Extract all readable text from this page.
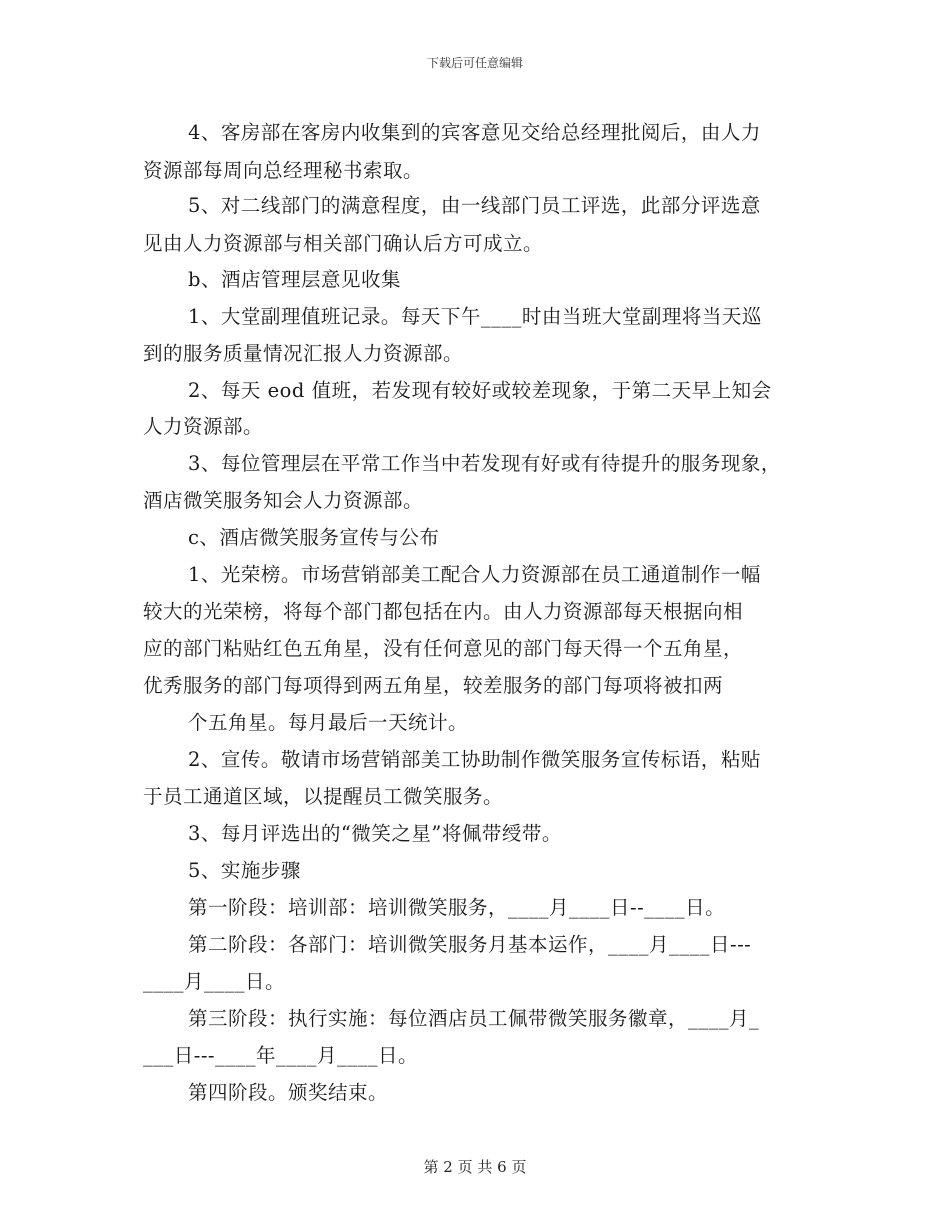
下载后可任意编辑
4、客房部在客房内收集到的宾客意见交给总经理批阅后，由人力
资源部每周向总经理秘书索取。
5、对二线部门的满意程度，由一线部门员工评选，此部分评选意
见由人力资源部与相关部门确认后方可成立。
b、酒店管理层意见收集
1、大堂副理值班记录。每天下午____时由当班大堂副理将当天巡
到的服务质量情况汇报人力资源部。
2、每天 eod 值班，若发现有较好或较差现象，于第二天早上知会
人力资源部。
3、每位管理层在平常工作当中若发现有好或有待提升的服务现象，
酒店微笑服务知会人力资源部。
c、酒店微笑服务宣传与公布
1、光荣榜。市场营销部美工配合人力资源部在员工通道制作一幅
较大的光荣榜，将每个部门都包括在内。由人力资源部每天根据向相
应的部门粘贴红色五角星，没有任何意见的部门每天得一个五角星，
优秀服务的部门每项得到两五角星，较差服务的部门每项将被扣两
个五角星。每月最后一天统计。
2、宣传。敬请市场营销部美工协助制作微笑服务宣传标语，粘贴
于员工通道区域，以提醒员工微笑服务。
3、每月评选出的“微笑之星”将佩带绶带。
5、实施步骤
第一阶段：培训部：培训微笑服务，____月____日--____日。
第二阶段：各部门：培训微笑服务月基本运作，____月____日---
____月____日。
第三阶段：执行实施：每位酒店员工佩带微笑服务徽章，____月_
___日---____年____月____日。
第四阶段。颁奖结束。
第 2 页 共 6 页
